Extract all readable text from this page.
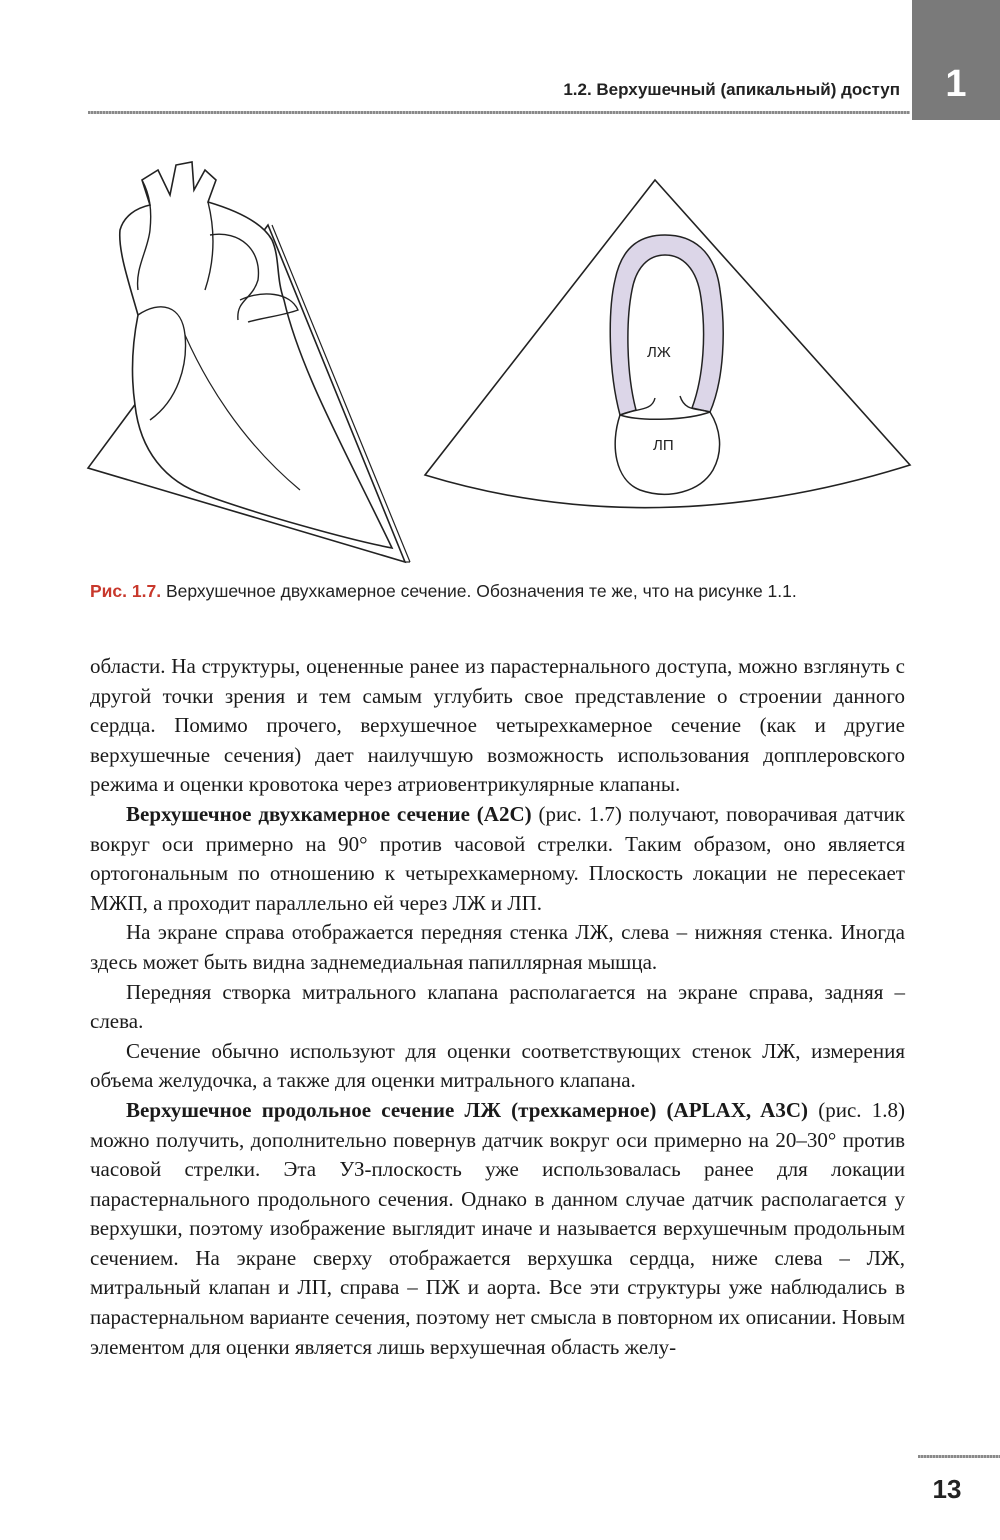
1
1.2. Верхушечный (апикальный) доступ
ЛЖ
ЛП
Рис. 1.7. Верхушечное двухкамерное сечение. Обозначения те же, что на рисунке 1.1.

области. На структуры, оцененные ранее из парастернального доступа, можно взглянуть с другой точки зрения и тем самым углубить свое представление о строении данного сердца. Помимо прочего, верхушечное четырехкамерное сечение (как и другие верхушечные сечения) дает наилучшую возможность использования допплеровского режима и оценки кровотока через атриовентрикулярные клапаны.

Верхушечное двухкамерное сечение (А2С) (рис. 1.7) получают, поворачивая датчик вокруг оси примерно на 90° против часовой стрелки. Таким образом, оно является ортогональным по отношению к четырехкамерному. Плоскость локации не пересекает МЖП, а проходит параллельно ей через ЛЖ и ЛП.

На экране справа отображается передняя стенка ЛЖ, слева – нижняя стенка. Иногда здесь может быть видна заднемедиальная папиллярная мышца.

Передняя створка митрального клапана располагается на экране справа, задняя – слева.

Сечение обычно используют для оценки соответствующих стенок ЛЖ, измерения объема желудочка, а также для оценки митрального клапана.

Верхушечное продольное сечение ЛЖ (трехкамерное) (APLAX, A3C) (рис. 1.8) можно получить, дополнительно повернув датчик вокруг оси примерно на 20–30° против часовой стрелки. Эта УЗ-плоскость уже использовалась ранее для локации парастернального продольного сечения. Однако в данном случае датчик располагается у верхушки, поэтому изображение выглядит иначе и называется верхушечным продольным сечением. На экране сверху отображается верхушка сердца, ниже слева – ЛЖ, митральный клапан и ЛП, справа – ПЖ и аорта. Все эти структуры уже наблюдались в парастернальном варианте сечения, поэтому нет смысла в повторном их описании. Новым элементом для оценки является лишь верхушечная область желу-

13
